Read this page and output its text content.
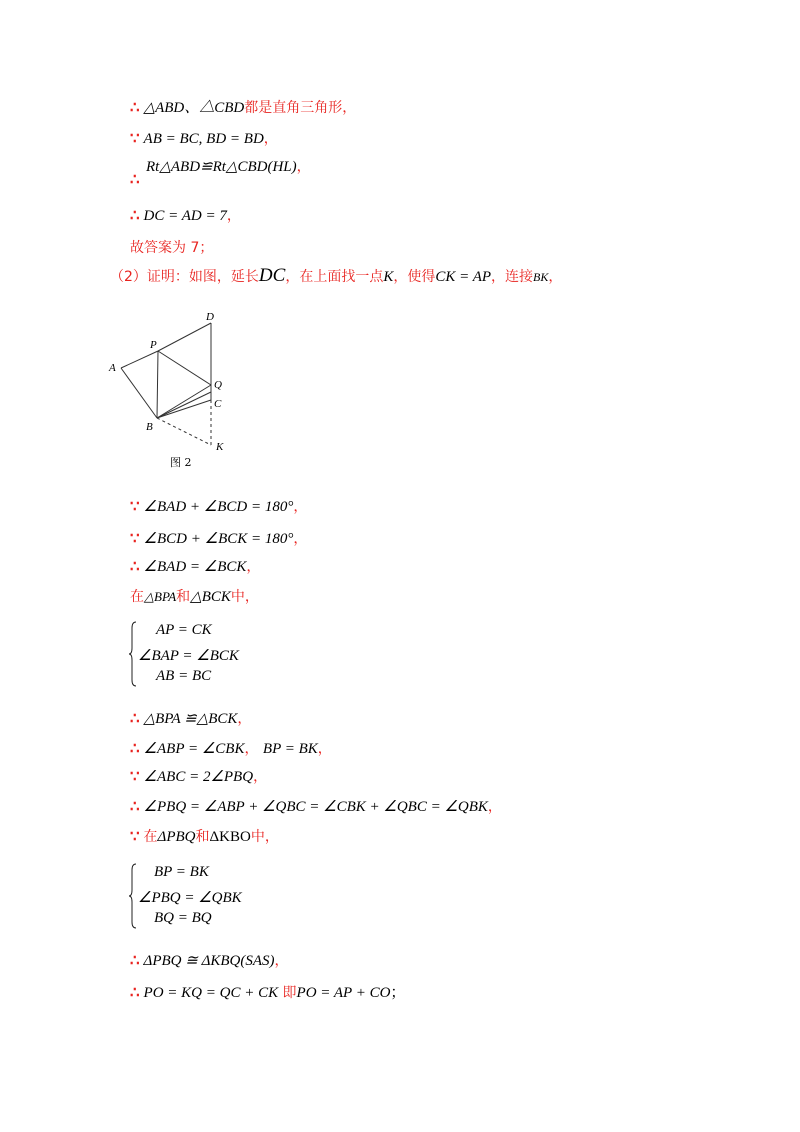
∴ △ABD、△CBD都是直角三角形，
∵ AB = BC, BD = BD，
Rt△ABD≌Rt△CBD(HL)，
∴
∴ DC = AD = 7，
故答案为 7；
（2）证明：如图，延长DC，在上面找一点K，使得CK = AP，连接BK，
A
P
D
Q
C
B
K
图 2
∵ ∠BAD + ∠BCD = 180°，
∵ ∠BCD + ∠BCK = 180°，
∴ ∠BAD = ∠BCK，
在△BPA和△BCK中，
AP = CK
∠BAP = ∠BCK
AB = BC
∴ △BPA ≌△BCK，
∴ ∠ABP = ∠CBK， BP = BK，
∵ ∠ABC = 2∠PBQ，
∴ ∠PBQ = ∠ABP + ∠QBC = ∠CBK + ∠QBC = ∠QBK，
∵ 在ΔPBQ和ΔKBO中，
BP = BK
∠PBQ = ∠QBK
BQ = BQ
∴ ΔPBQ ≅ ΔKBQ(SAS)，
∴ PO = KQ = QC + CK 即PO = AP + CO；
